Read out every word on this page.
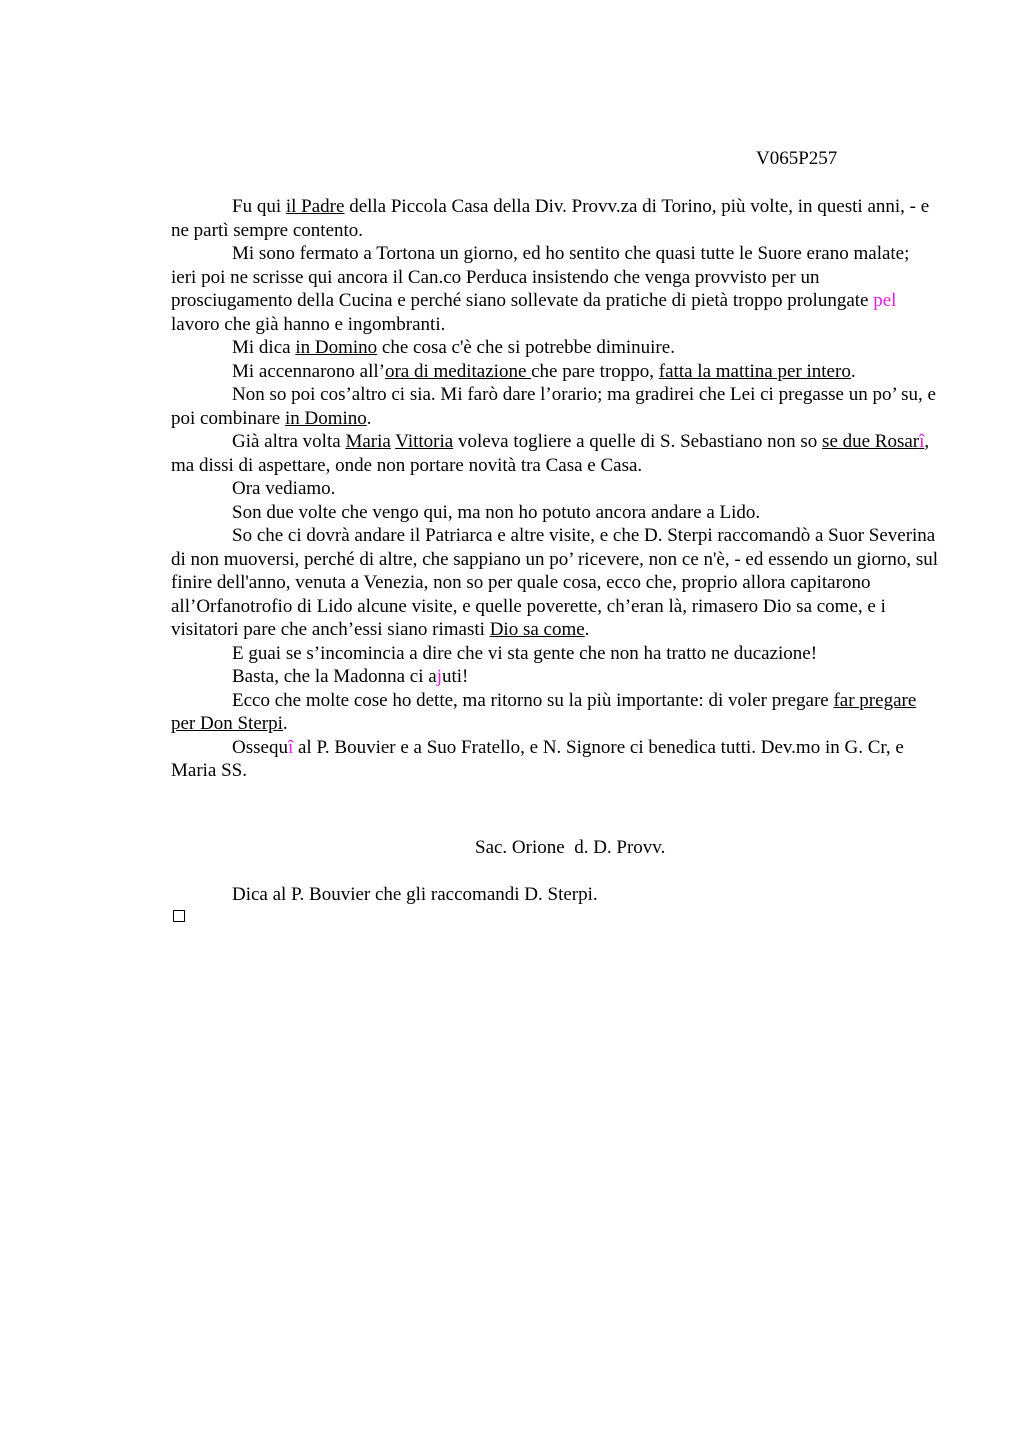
V065P257

Fu qui il Padre della Piccola Casa della Div. Provv.za di Torino, più volte, in questi anni, - e ne partì sempre contento.

Mi sono fermato a Tortona un giorno, ed ho sentito che quasi tutte le Suore erano malate; ieri poi ne scrisse qui ancora il Can.co Perduca insistendo che venga provvisto per un prosciugamento della Cucina e perché siano sollevate da pratiche di pietà troppo prolungate pel lavoro che già hanno e ingombranti.

Mi dica in Domino che cosa c'è che si potrebbe diminuire.

Mi accennarono all’ora di meditazione che pare troppo, fatta la mattina per intero.

Non so poi cos’altro ci sia. Mi farò dare l’orario; ma gradirei che Lei ci pregasse un po’ su, e poi combinare in Domino.

Già altra volta Maria Vittoria voleva togliere a quelle di S. Sebastiano non so se due Rosarî, ma dissi di aspettare, onde non portare novità tra Casa e Casa.

Ora vediamo.

Son due volte che vengo qui, ma non ho potuto ancora andare a Lido.

So che ci dovrà andare il Patriarca e altre visite, e che D. Sterpi raccomandò a Suor Severina di non muoversi, perché di altre, che sappiano un po’ ricevere, non ce n'è, - ed essendo un giorno, sul finire dell'anno, venuta a Venezia, non so per quale cosa, ecco che, proprio allora capitarono all’Orfanotrofio di Lido alcune visite, e quelle poverette, ch’eran là, rimasero Dio sa come, e i visitatori pare che anch’essi siano rimasti Dio sa come.

E guai se s’incomincia a dire che vi sta gente che non ha tratto ne ducazione!

Basta, che la Madonna ci ajuti!

Ecco che molte cose ho dette, ma ritorno su la più importante: di voler pregare far pregare per Don Sterpi.

Ossequî al P. Bouvier e a Suo Fratello, e N. Signore ci benedica tutti. Dev.mo in G. Cr, e Maria SS.

Sac. Orione  d. D. Provv.
Dica al P. Bouvier che gli raccomandi D. Sterpi.
